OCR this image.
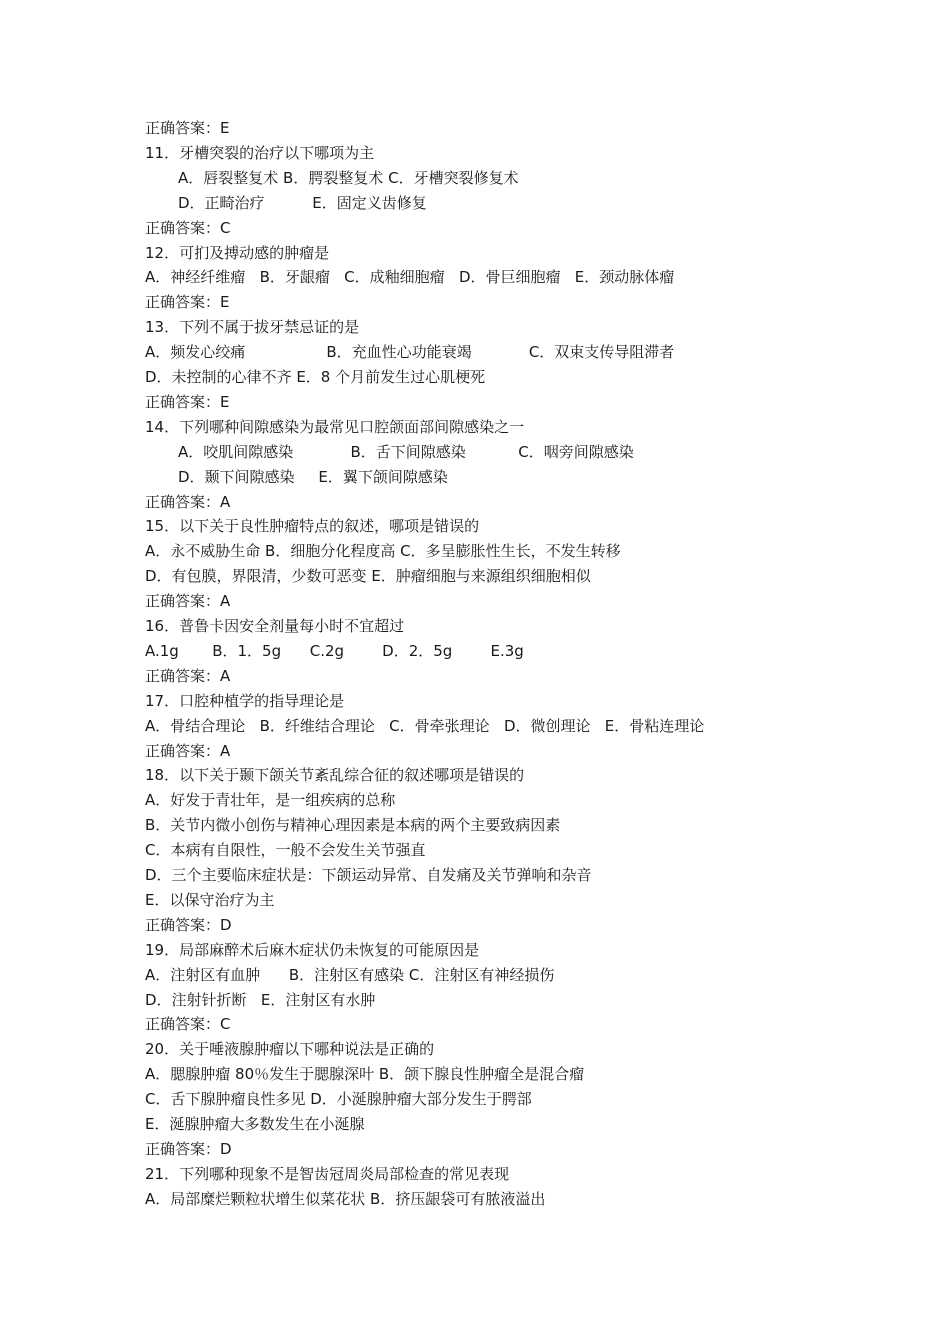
正确答案：E
11．牙槽突裂的治疗以下哪项为主
A．唇裂整复术 B．腭裂整复术 C．牙槽突裂修复术
D．正畸治疗          E．固定义齿修复
正确答案：C
12．可扪及搏动感的肿瘤是
A．神经纤维瘤   B．牙龈瘤   C．成釉细胞瘤   D．骨巨细胞瘤   E．颈动脉体瘤
正确答案：E
13．下列不属于拔牙禁忌证的是
A．频发心绞痛                 B．充血性心功能衰竭            C．双束支传导阻滞者
D．未控制的心律不齐 E．8 个月前发生过心肌梗死
正确答案：E
14．下列哪种间隙感染为最常见口腔颌面部间隙感染之一
A．咬肌间隙感染            B．舌下间隙感染           C．咽旁间隙感染
D．颞下间隙感染     E．翼下颌间隙感染
正确答案：A
15．以下关于良性肿瘤特点的叙述，哪项是错误的
A．永不威胁生命 B．细胞分化程度高 C．多呈膨胀性生长，不发生转移
D．有包膜，界限清，少数可恶变 E．肿瘤细胞与来源组织细胞相似
正确答案：A
16．普鲁卡因安全剂量每小时不宜超过
A.1g       B．1．5g      C.2g        D．2．5g        E.3g
正确答案：A
17．口腔种植学的指导理论是
A．骨结合理论   B．纤维结合理论   C．骨牵张理论   D．微创理论   E．骨粘连理论
正确答案：A
18．以下关于颞下颌关节紊乱综合征的叙述哪项是错误的
A．好发于青壮年，是一组疾病的总称
B．关节内微小创伤与精神心理因素是本病的两个主要致病因素
C．本病有自限性，一般不会发生关节强直
D．三个主要临床症状是：下颌运动异常、自发痛及关节弹响和杂音
E．以保守治疗为主
正确答案：D
19．局部麻醉术后麻木症状仍未恢复的可能原因是
A．注射区有血肿      B．注射区有感染 C．注射区有神经损伤
D．注射针折断   E．注射区有水肿
正确答案：C
20．关于唾液腺肿瘤以下哪种说法是正确的
A．腮腺肿瘤 80％发生于腮腺深叶 B．颌下腺良性肿瘤全是混合瘤
C．舌下腺肿瘤良性多见 D．小涎腺肿瘤大部分发生于腭部
E．涎腺肿瘤大多数发生在小涎腺
正确答案：D
21．下列哪种现象不是智齿冠周炎局部检查的常见表现
A．局部糜烂颗粒状增生似菜花状 B．挤压龈袋可有脓液溢出
